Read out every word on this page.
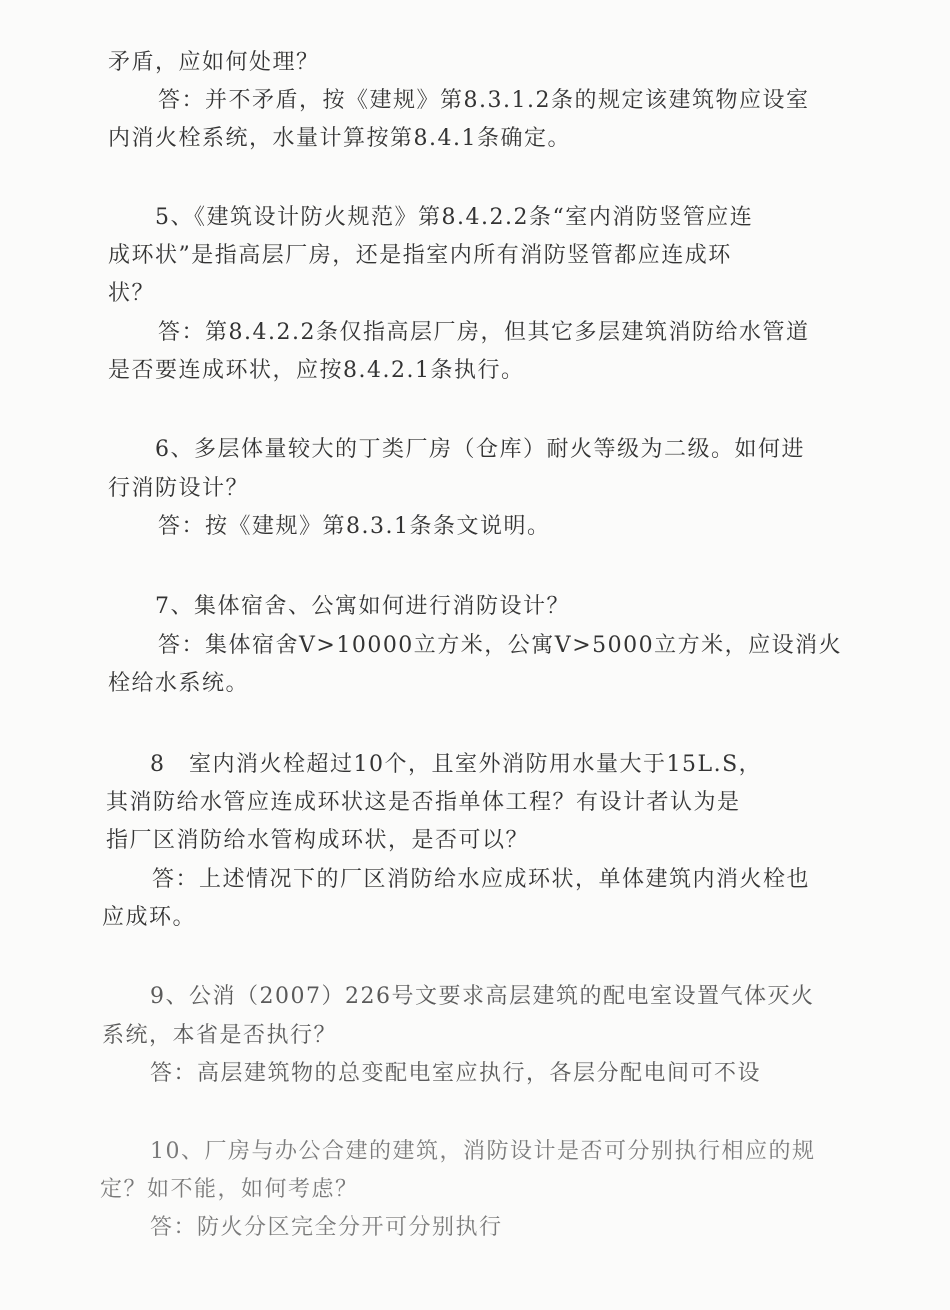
矛盾，应如何处理？
答：并不矛盾，按《建规》第8.3.1.2条的规定该建筑物应设室
内消火栓系统，水量计算按第8.4.1条确定。
5、《建筑设计防火规范》第8.4.2.2条“室内消防竖管应连
成环状”是指高层厂房，还是指室内所有消防竖管都应连成环
状？
答：第8.4.2.2条仅指高层厂房，但其它多层建筑消防给水管道
是否要连成环状，应按8.4.2.1条执行。
6、多层体量较大的丁类厂房（仓库）耐火等级为二级。如何进
行消防设计？
答：按《建规》第8.3.1条条文说明。
7、集体宿舍、公寓如何进行消防设计？
答：集体宿舍V>10000立方米，公寓V>5000立方米，应设消火
栓给水系统。
8　室内消火栓超过10个，且室外消防用水量大于15L.S，
其消防给水管应连成环状这是否指单体工程？有设计者认为是
指厂区消防给水管构成环状，是否可以？
答：上述情况下的厂区消防给水应成环状，单体建筑内消火栓也
应成环。
9、公消（2007）226号文要求高层建筑的配电室设置气体灭火
系统，本省是否执行？
答：高层建筑物的总变配电室应执行，各层分配电间可不设
10、厂房与办公合建的建筑，消防设计是否可分别执行相应的规
定？如不能，如何考虑？
答：防火分区完全分开可分别执行
